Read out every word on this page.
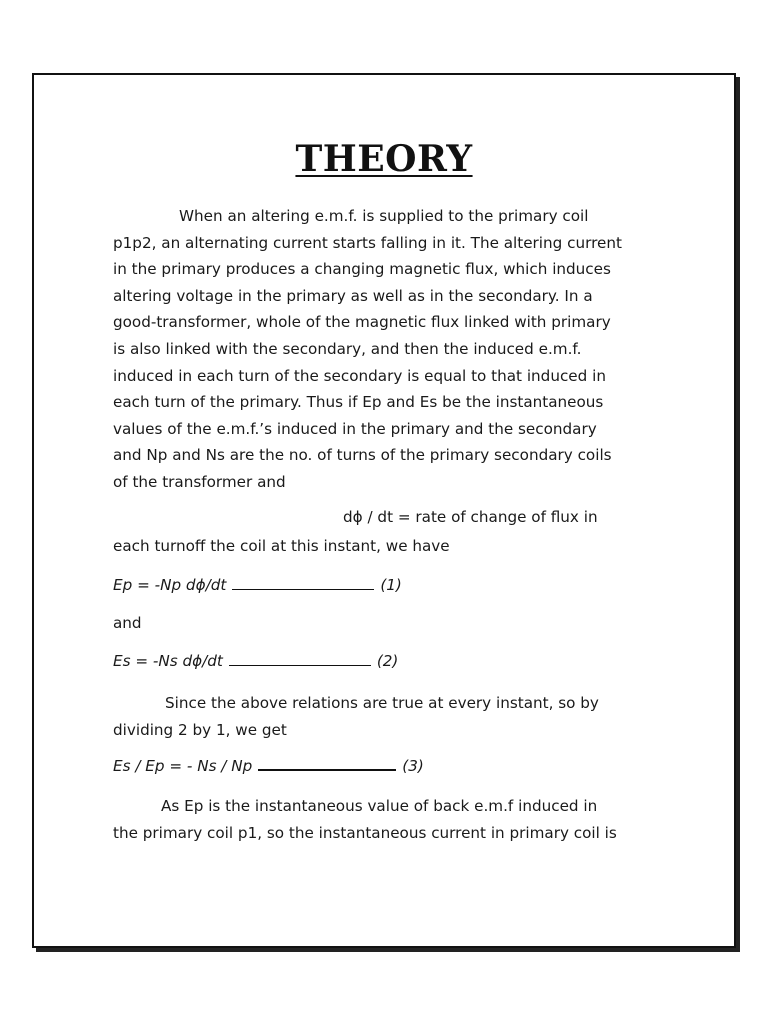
THEORY
When an altering e.m.f. is supplied to the primary coil
p1p2, an alternating current starts falling in it. The altering current
in the primary produces a changing magnetic flux, which induces
altering voltage in the primary as well as in the secondary. In a
good-transformer, whole of the magnetic flux linked with primary
is also linked with the secondary, and then the induced e.m.f.
induced in each turn of the secondary is equal to that induced in
each turn of the primary. Thus if Ep and Es be the instantaneous
values of the e.m.f.’s induced in the primary and the secondary
and Np and Ns are the no. of turns of the primary secondary coils
of the transformer and
dϕ / dt = rate of change of flux in
each turnoff the coil at this instant, we have
Ep = -Np dϕ/dt	(1)
and
Es = -Ns dϕ/dt	(2)
Since the above relations are true at every instant, so by
dividing 2 by 1, we get
Es / Ep = - Ns / Np	(3)
As Ep is the instantaneous value of back e.m.f induced in
the primary coil p1, so the instantaneous current in primary coil is
